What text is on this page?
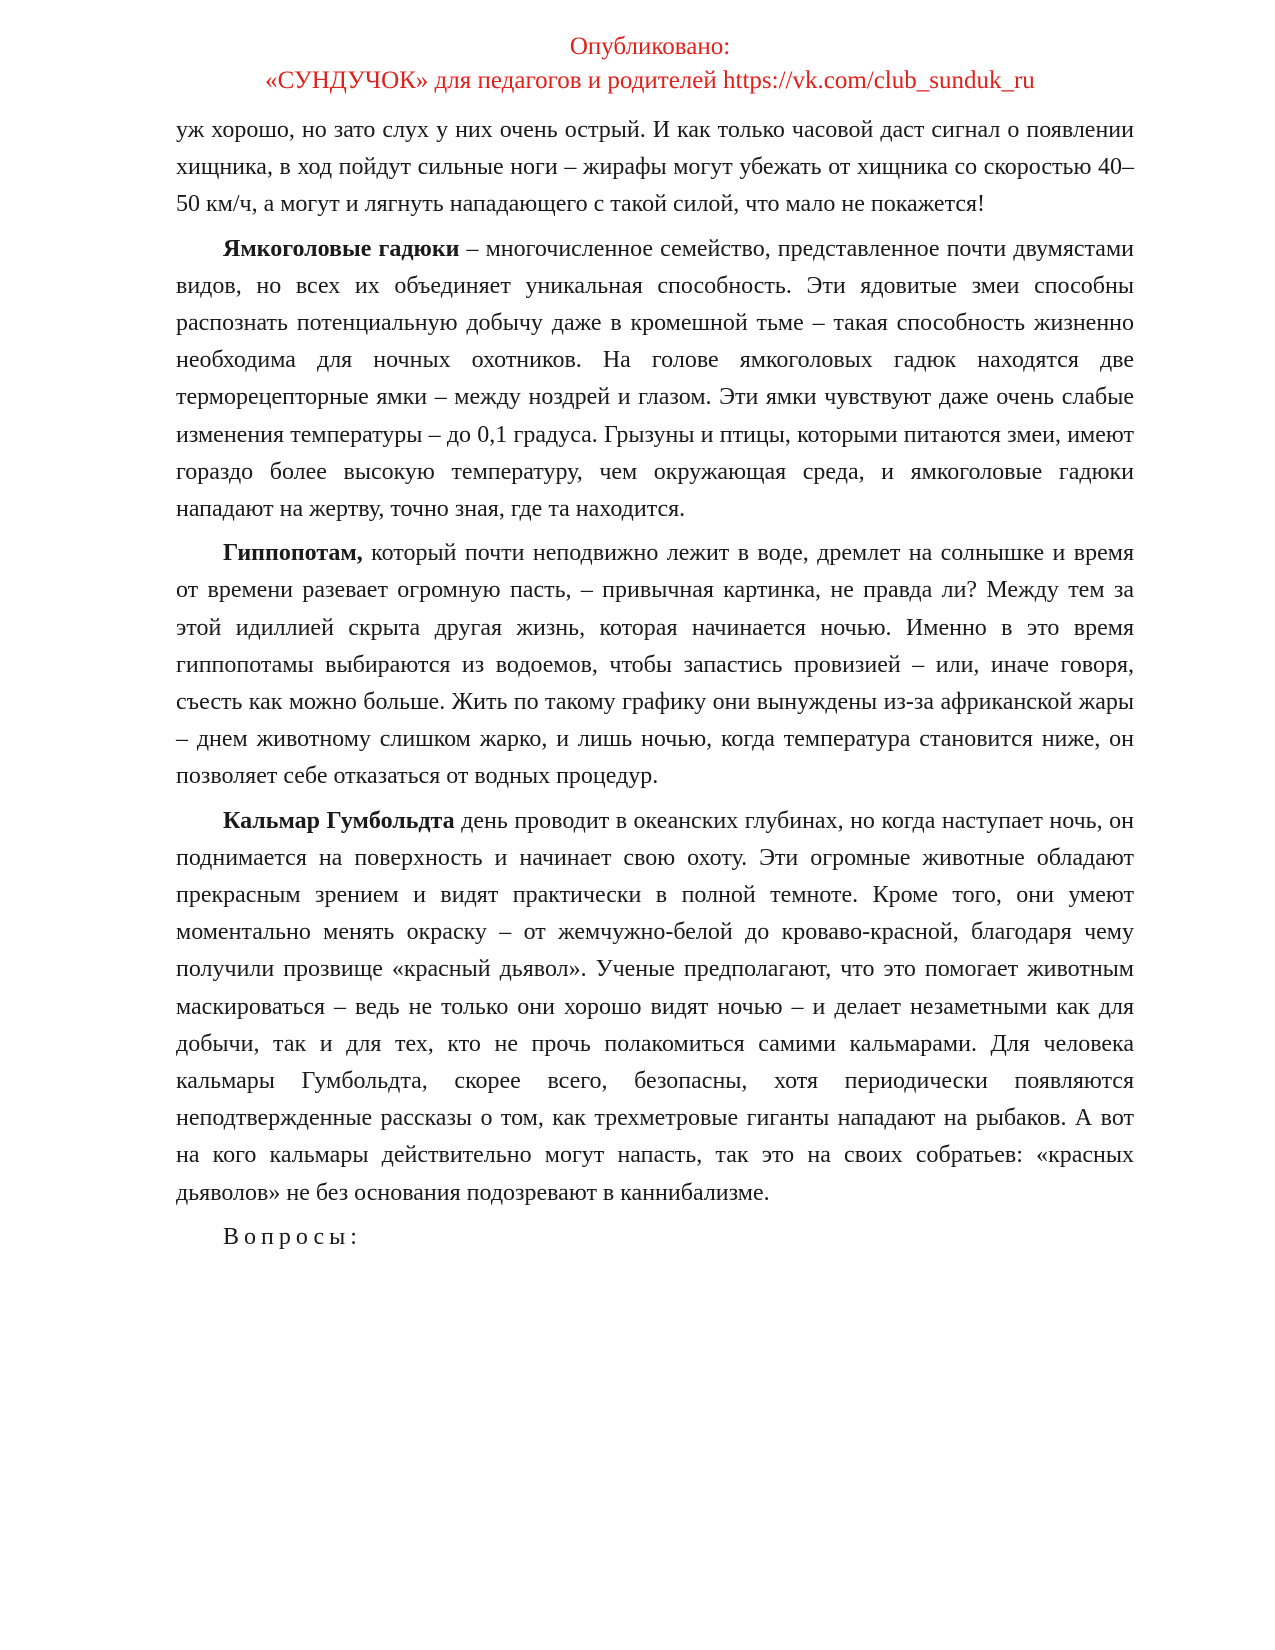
Опубликовано:
«СУНДУЧОК» для педагогов и родителей https://vk.com/club_sunduk_ru

уж хорошо, но зато слух у них очень острый. И как только часовой даст сигнал о появлении хищника, в ход пойдут сильные ноги – жирафы могут убежать от хищника со скоростью 40–50 км/ч, а могут и лягнуть нападающего с такой силой, что мало не покажется!

Ямкоголовые гадюки – многочисленное семейство, представленное почти двумястами видов, но всех их объединяет уникальная способность. Эти ядовитые змеи способны распознать потенциальную добычу даже в кромешной тьме – такая способность жизненно необходима для ночных охотников. На голове ямкоголовых гадюк находятся две терморецепторные ямки – между ноздрей и глазом. Эти ямки чувствуют даже очень слабые изменения температуры – до 0,1 градуса. Грызуны и птицы, которыми питаются змеи, имеют гораздо более высокую температуру, чем окружающая среда, и ямкоголовые гадюки нападают на жертву, точно зная, где та находится.

Гиппопотам, который почти неподвижно лежит в воде, дремлет на солнышке и время от времени разевает огромную пасть, – привычная картинка, не правда ли? Между тем за этой идиллией скрыта другая жизнь, которая начинается ночью. Именно в это время гиппопотамы выбираются из водоемов, чтобы запастись провизией – или, иначе говоря, съесть как можно больше. Жить по такому графику они вынуждены из-за африканской жары – днем животному слишком жарко, и лишь ночью, когда температура становится ниже, он позволяет себе отказаться от водных процедур.

Кальмар Гумбольдта день проводит в океанских глубинах, но когда наступает ночь, он поднимается на поверхность и начинает свою охоту. Эти огромные животные обладают прекрасным зрением и видят практически в полной темноте. Кроме того, они умеют моментально менять окраску – от жемчужно-белой до кроваво-красной, благодаря чему получили прозвище «красный дьявол». Ученые предполагают, что это помогает животным маскироваться – ведь не только они хорошо видят ночью – и делает незаметными как для добычи, так и для тех, кто не прочь полакомиться самими кальмарами. Для человека кальмары Гумбольдта, скорее всего, безопасны, хотя периодически появляются неподтвержденные рассказы о том, как трехметровые гиганты нападают на рыбаков. А вот на кого кальмары действительно могут напасть, так это на своих собратьев: «красных дьяволов» не без основания подозревают в каннибализме.

Вопросы:
